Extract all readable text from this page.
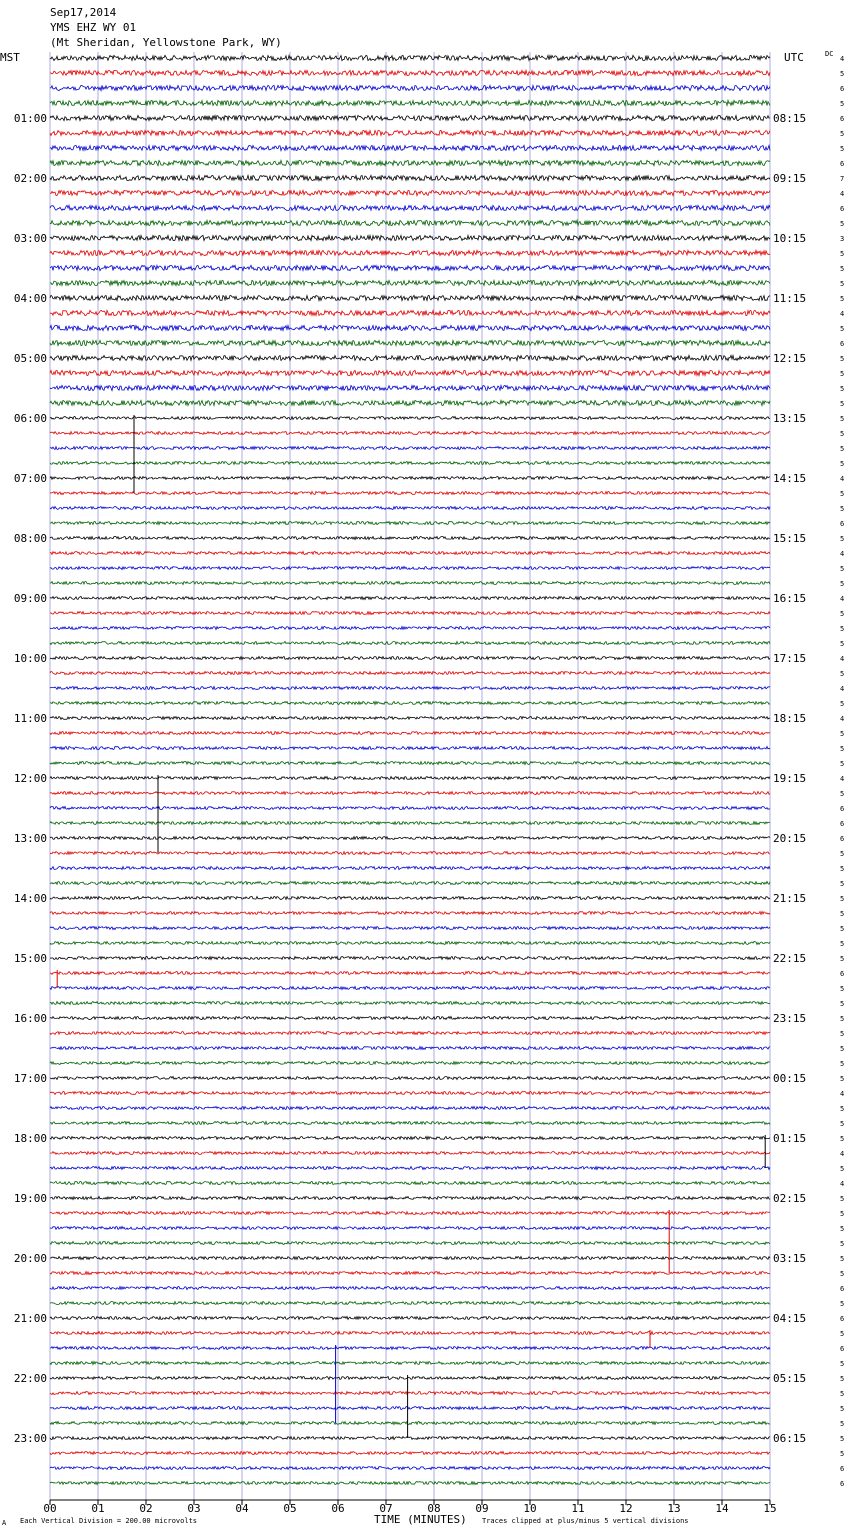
Sep17,2014
YMS EHZ WY 01
(Mt Sheridan, Yellowstone Park, WY)
MST	UTC	DC
01:00
02:00
03:00
04:00
05:00
06:00
07:00
08:00
09:00
10:00
11:00
12:00
13:00
14:00
15:00
16:00
17:00
18:00
19:00
20:00
21:00
22:00
23:00
08:15
09:15
10:15
11:15
12:15
13:15
14:15
15:15
16:15
17:15
18:15
19:15
20:15
21:15
22:15
23:15
00:15
01:15
02:15
03:15
04:15
05:15
06:15
4
5
6
5
6
5
5
6
7
4
6
5
3
5
5
5
5
4
5
6
5
5
5
5
5
5
5
5
4
5
5
6
5
4
5
5
4
5
5
5
4
5
4
5
4
5
5
5
4
5
6
6
6
5
5
5
5
5
5
5
5
6
5
5
5
5
5
5
5
4
5
5
5
4
5
4
5
5
5
5
5
5
6
5
6
5
6
5
5
5
5
5
5
5
6
6
00	01	02	03	04	05	06	07	08	09	10	11	12	13	14	15
A Each Vertical Division = 200.00 microvolts	TIME (MINUTES) Traces clipped at plus/minus 5 vertical divisions
